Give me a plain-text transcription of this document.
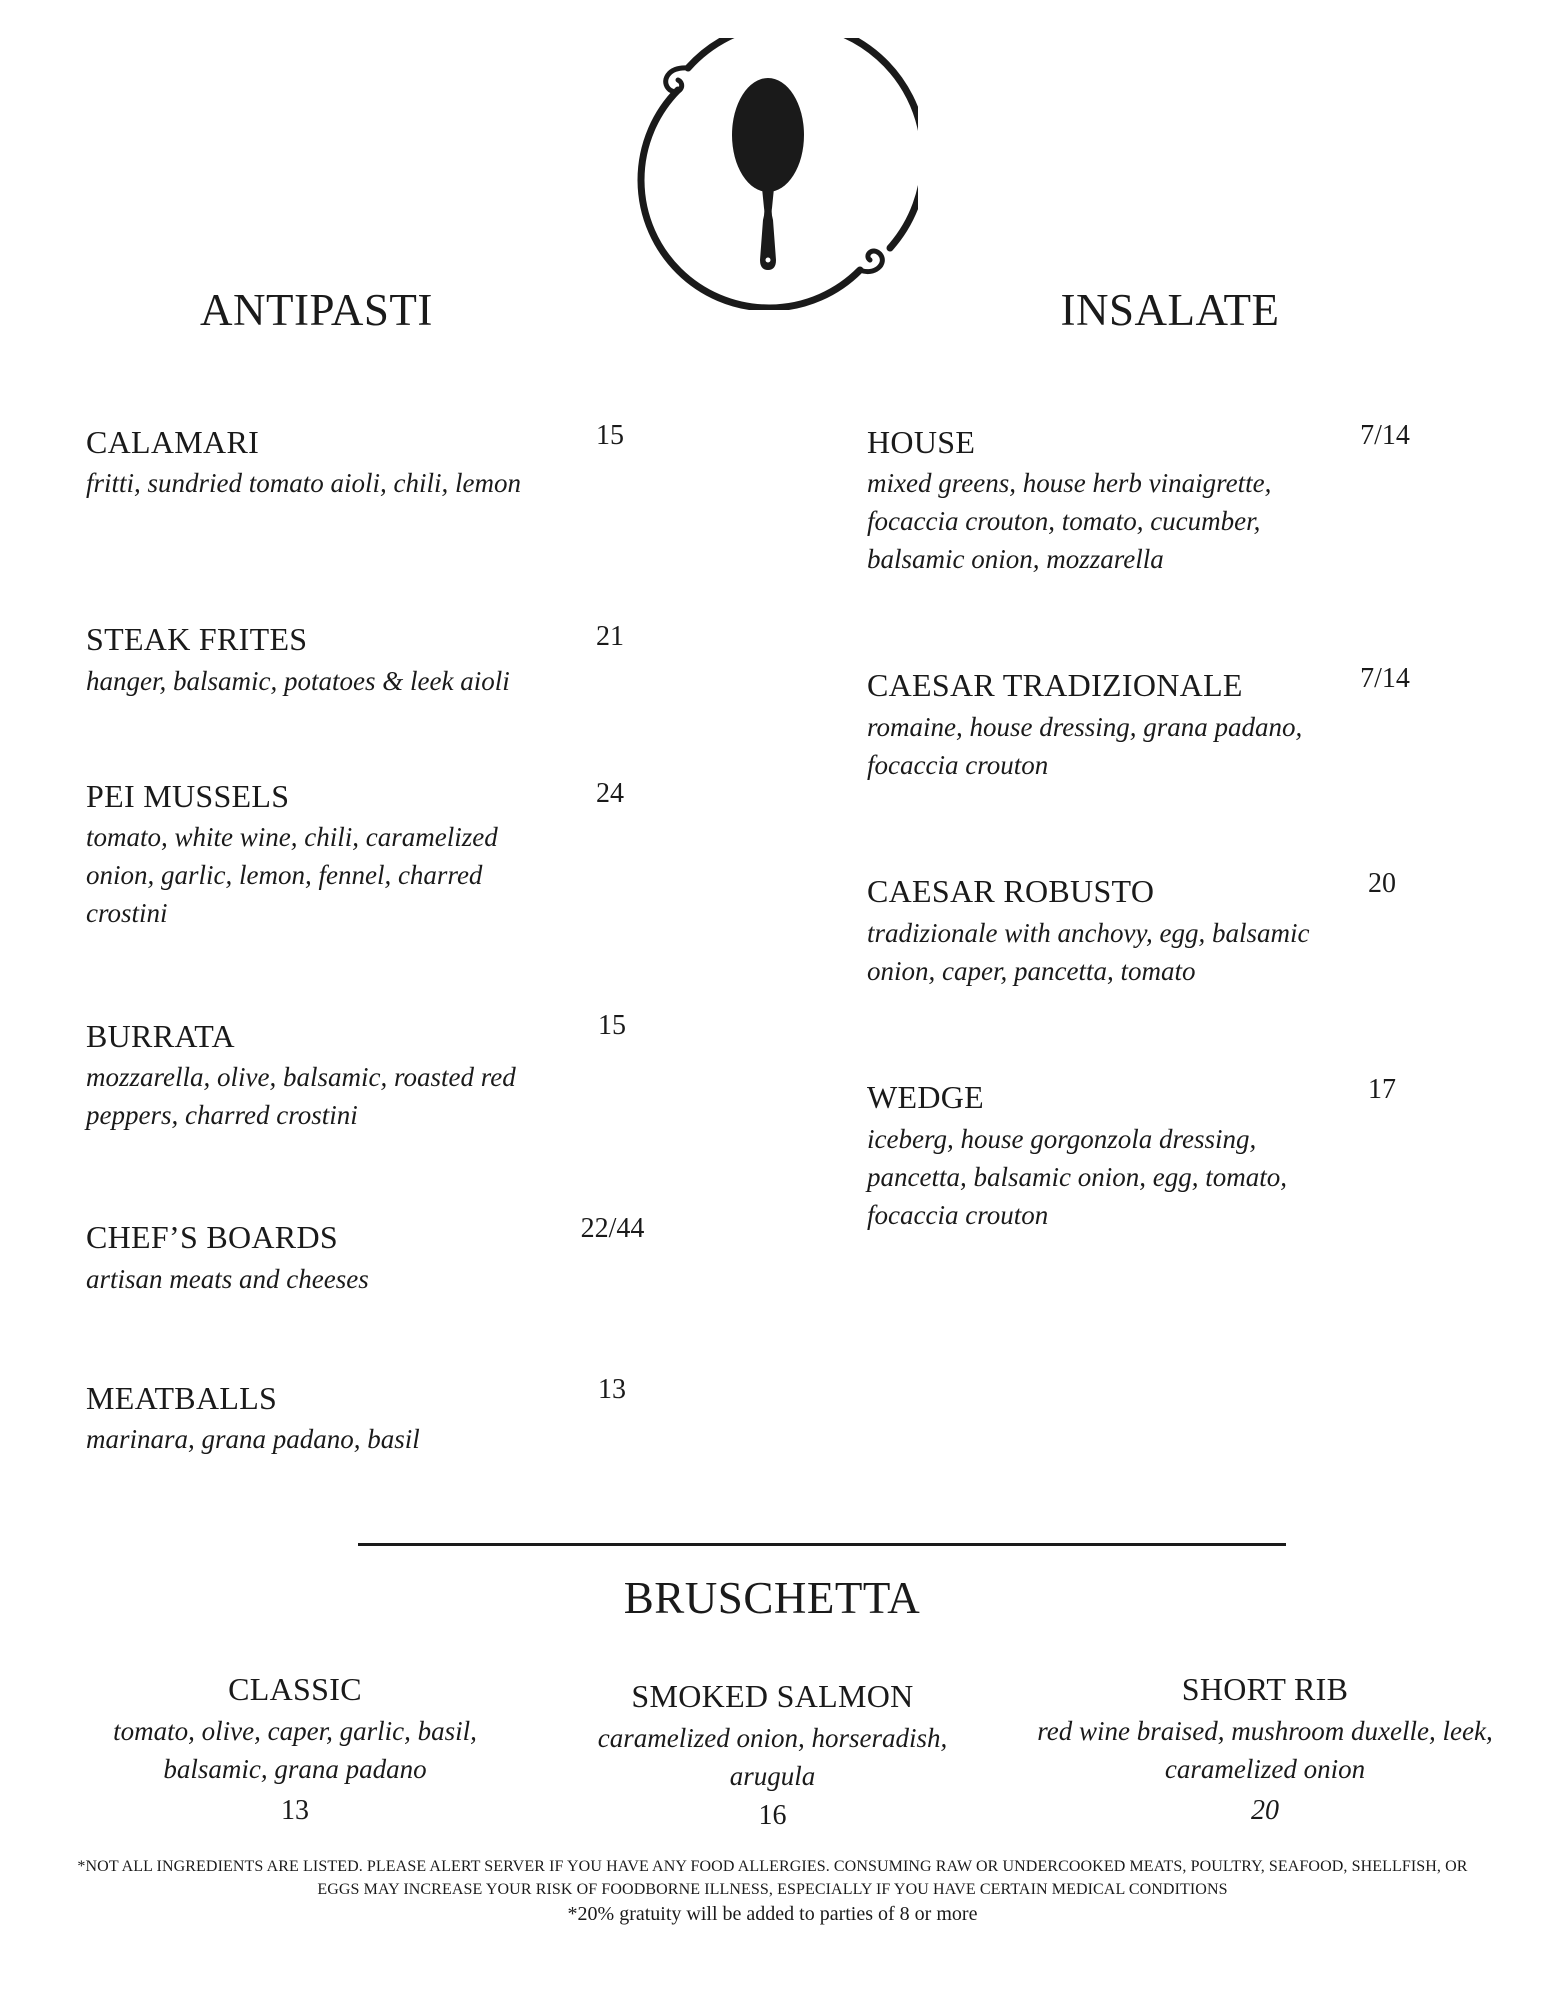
ANTIPASTI	INSALATE
CALAMARI	15
fritti, sundried tomato aioli, chili, lemon
STEAK FRITES	21
hanger, balsamic, potatoes & leek aioli
PEI MUSSELS	24
tomato, white wine, chili, caramelized onion, garlic, lemon, fennel, charred crostini
BURRATA	15
mozzarella, olive, balsamic, roasted red peppers, charred crostini
CHEF’S BOARDS	22/44
artisan meats and cheeses
MEATBALLS	13
marinara, grana padano, basil
HOUSE	7/14
mixed greens, house herb vinaigrette, focaccia crouton, tomato, cucumber, balsamic onion, mozzarella
CAESAR TRADIZIONALE	7/14
romaine, house dressing, grana padano, focaccia crouton
CAESAR ROBUSTO	20
tradizionale with anchovy, egg, balsamic onion, caper, pancetta, tomato
WEDGE	17
iceberg, house gorgonzola dressing, pancetta, balsamic onion, egg, tomato, focaccia crouton
BRUSCHETTA
CLASSIC
tomato, olive, caper, garlic, basil, balsamic, grana padano
13
SMOKED SALMON
caramelized onion, horseradish, arugula
16
SHORT RIB
red wine braised, mushroom duxelle, leek, caramelized onion
20
*NOT ALL INGREDIENTS ARE LISTED. PLEASE ALERT SERVER IF YOU HAVE ANY FOOD ALLERGIES. CONSUMING RAW OR UNDERCOOKED MEATS, POULTRY, SEAFOOD, SHELLFISH, OR EGGS MAY INCREASE YOUR RISK OF FOODBORNE ILLNESS, ESPECIALLY IF YOU HAVE CERTAIN MEDICAL CONDITIONS
*20% gratuity will be added to parties of 8 or more
